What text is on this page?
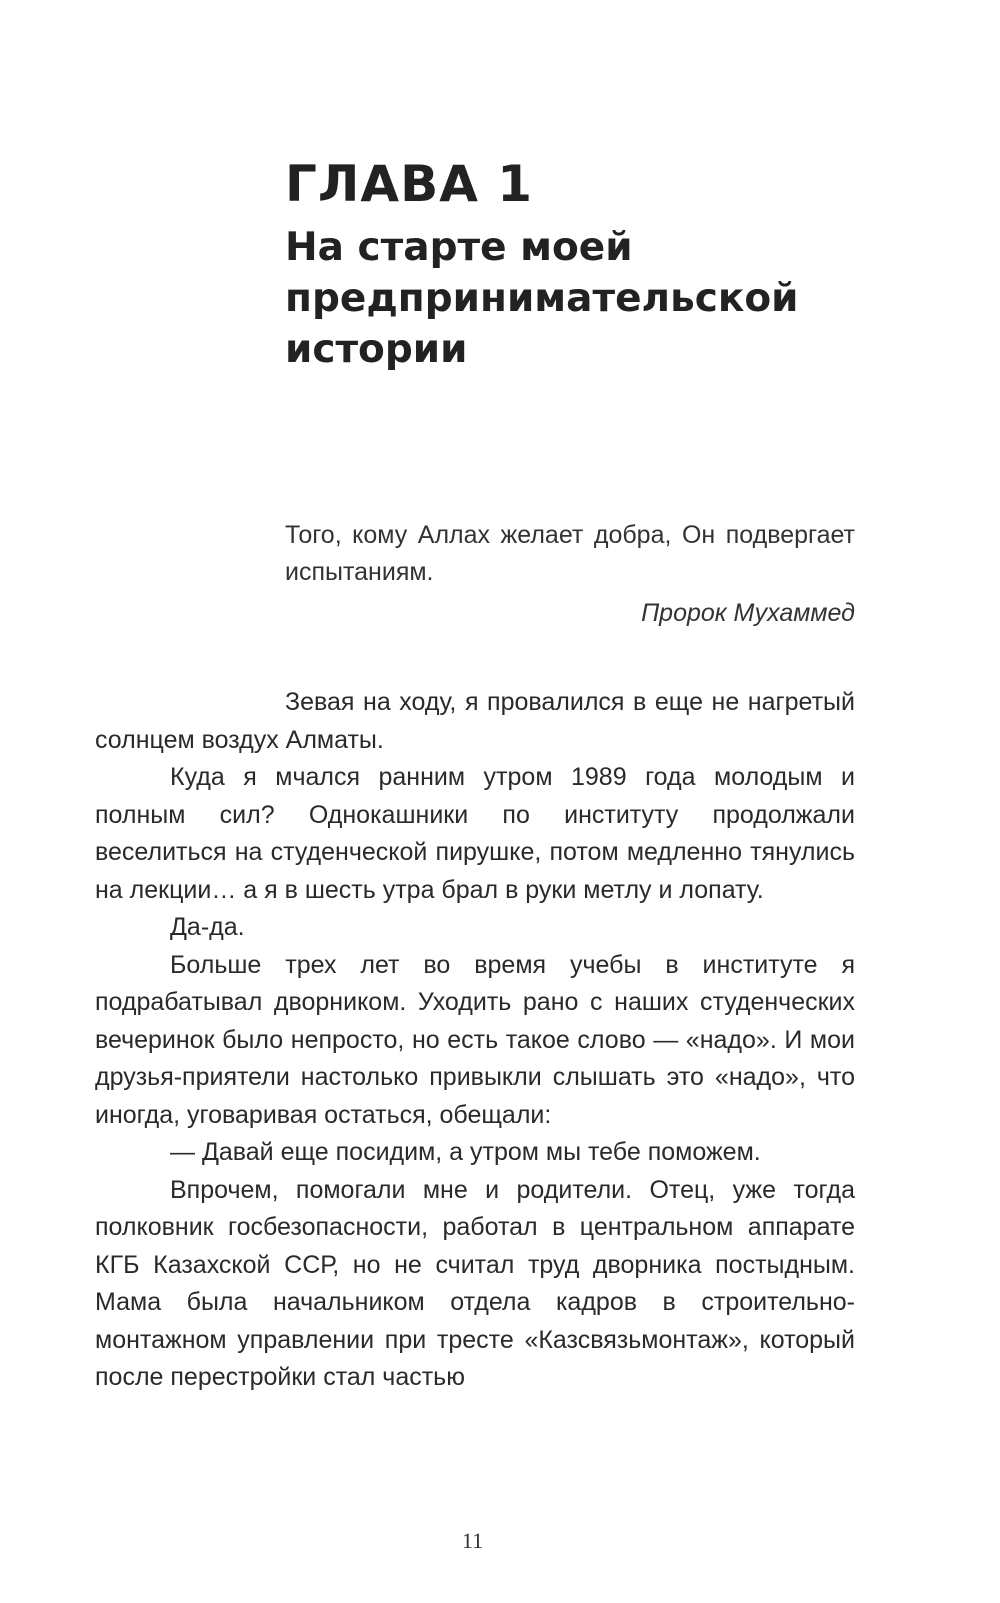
ГЛАВА 1
На старте моей предпринимательской истории

Того, кому Аллах желает добра, Он подвергает испытаниям.

Пророк Мухаммед

Зевая на ходу, я провалился в еще не нагретый солнцем воздух Алматы.

Куда я мчался ранним утром 1989 года молодым и полным сил? Однокашники по институту продолжали веселиться на студенческой пирушке, потом медленно тянулись на лекции… а я в шесть утра брал в руки метлу и лопату.

Да-да.

Больше трех лет во время учебы в институте я подрабатывал дворником. Уходить рано с наших студенческих вечеринок было непросто, но есть такое слово — «надо». И мои друзья-приятели настолько привыкли слышать это «надо», что иногда, уговаривая остаться, обещали:

— Давай еще посидим, а утром мы тебе поможем.

Впрочем, помогали мне и родители. Отец, уже тогда полковник госбезопасности, работал в центральном аппарате КГБ Казахской ССР, но не считал труд дворника постыдным. Мама была начальником отдела кадров в строительно-монтажном управлении при тресте «Казсвязьмонтаж», который после перестройки стал частью

11
